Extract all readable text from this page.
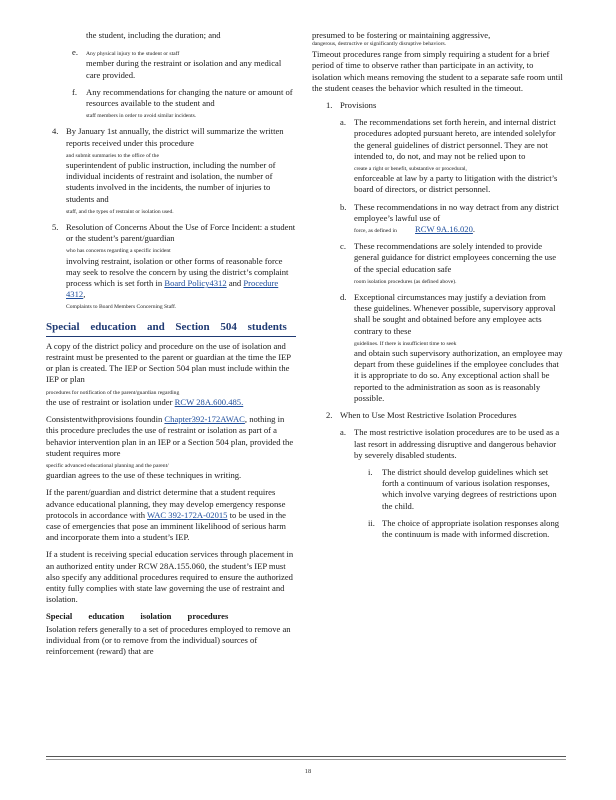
the student, including the duration; and

e.	Any physical injury to the student or staff
member during the restraint or isolation and any medical care provided.
f.	Any recommendations for changing the nature or amount of resources available to the student and
staff members in order to avoid similar incidents.
4. By January 1st annually, the district will summarize the written reports received under this procedure
and submit summaries to the office of the
superintendent of public instruction, including the number of individual incidents of restraint and isolation, the number of students involved in the incidents, the number of injuries to students and
staff, and the types of restraint or isolation used.
5. Resolution of Concerns About the Use of Force Incident: a student or the student’s parent/guardian
who has concerns regarding a specific incident
involving restraint, isolation or other forms of reasonable force may seek to resolve the concern by using the district’s complaint process which is set forth in Board Policy4312 and Procedure 4312,
Complaints to Board Members Concerning Staff.
Special education and Section 504 students

A copy of the district policy and procedure on the use of isolation and restraint must be presented to the parent or guardian at the time the IEP or plan is created. The IEP or Section 504 plan must include within the IEP or plan
procedures for notification of the parent/guardian regarding
the use of restraint or isolation under RCW 28A.600.485.

Consistentwithprovisions foundin Chapter392-172AWAC, nothing in this procedure precludes the use of restraint or isolation as part of a behavior intervention plan in an IEP or a Section 504 plan, provided the student requires more
specific advanced educational planning and the parent/
guardian agrees to the use of these techniques in writing.

If the parent/guardian and district determine that a student requires advance educational planning, they may develop emergency response protocols in accordance with WAC 392-172A-02015 to be used in the case of emergencies that pose an imminent likelihood of serious harm and incorporate them into a student’s IEP.

If a student is receiving special education services through placement in an authorized entity under RCW 28A.155.060, the student’s IEP must also specify any additional procedures required to ensure the authorized entity fully complies with state law governing the use of restraint and isolation.

Special education isolation procedures

Isolation refers generally to a set of procedures employed to remove an individual from (or to remove from the individual) sources of reinforcement (reward) that are

presumed to be fostering or maintaining aggressive,

dangerous, destructive or significantly disruptive behaviors.

Timeout procedures range from simply requiring a student for a brief period of time to observe rather than participate in an activity, to isolation which means removing the student to a separate safe room until the student ceases the behavior which resulted in the timeout.

1. Provisions
a. The recommendations set forth herein, and internal district procedures adopted pursuant hereto, are intended solelyfor the general guidelines of district personnel. They are not intended to, do not, and may not be relied upon to
create a right or benefit, substantive or procedural,
enforceable at law by a party to litigation with the district’s board of directors, or district personnel.
b. These recommendations in no way detract from any district employee’s lawful use of
force, as defined in RCW 9A.16.020.
c. These recommendations are solely intended to provide general guidance for district employees concerning the use of the special education safe
room isolation procedures (as defined above).
d. Exceptional circumstances may justify a deviation from these guidelines. Whenever possible, supervisory approval shall be sought and obtained before any employee acts contrary to these
guidelines. If there is insufficient time to seek
and obtain such supervisory authorization, an employee may depart from these guidelines if the employee concludes that it is appropriate to do so. Any exceptional action shall be reported to the administration as soon as is reasonably possible.
2. When to Use Most Restrictive Isolation Procedures
a. The most restrictive isolation procedures are to be used as a last resort in addressing disruptive and dangerous behavior by severely disabled students.
i.	The district should develop guidelines which set forth a continuum of various isolation responses, which involve varying degrees of restrictions upon the child.
ii. The choice of appropriate isolation responses along the continuum is made with informed discretion.
18
